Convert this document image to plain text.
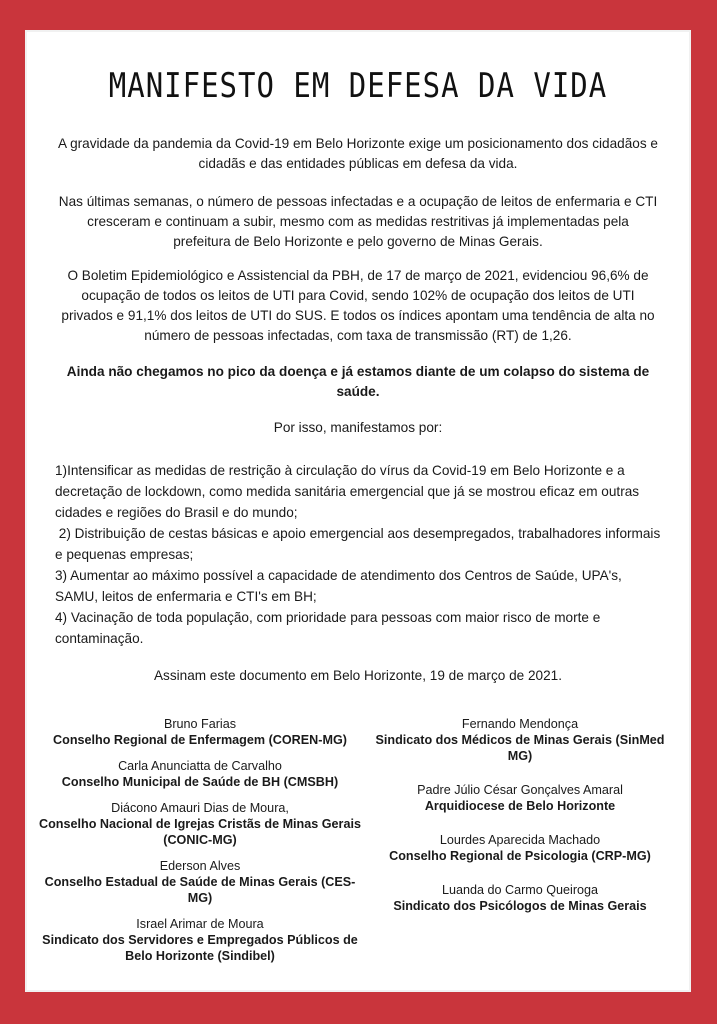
MANIFESTO EM DEFESA DA VIDA

A gravidade da pandemia da Covid-19 em Belo Horizonte exige um posicionamento dos cidadãos e cidadãs e das entidades públicas em defesa da vida.

Nas últimas semanas, o número de pessoas infectadas e a ocupação de leitos de enfermaria e CTI cresceram e continuam a subir, mesmo com as medidas restritivas já implementadas pela prefeitura de Belo Horizonte e pelo governo de Minas Gerais.

O Boletim Epidemiológico e Assistencial da PBH, de 17 de março de 2021, evidenciou 96,6% de ocupação de todos os leitos de UTI para Covid, sendo 102% de ocupação dos leitos de UTI privados e 91,1% dos leitos de UTI do SUS. E todos os índices apontam uma tendência de alta no número de pessoas infectadas, com taxa de transmissão (RT) de 1,26.

Ainda não chegamos no pico da doença e já estamos diante de um colapso do sistema de saúde.

Por isso, manifestamos por:

1)Intensificar as medidas de restrição à circulação do vírus da Covid-19 em Belo Horizonte e a decretação de lockdown, como medida sanitária emergencial que já se mostrou eficaz em outras cidades e regiões do Brasil e do mundo;
2) Distribuição de cestas básicas e apoio emergencial aos desempregados, trabalhadores informais e pequenas empresas;
3) Aumentar ao máximo possível a capacidade de atendimento dos Centros de Saúde, UPA's, SAMU, leitos de enfermaria e CTI's em BH;
4) Vacinação de toda população, com prioridade para pessoas com maior risco de morte e contaminação.

Assinam este documento em Belo Horizonte, 19 de março de 2021.

Bruno Farias
Conselho Regional de Enfermagem (COREN-MG)
Carla Anunciatta de Carvalho
Conselho Municipal de Saúde de BH (CMSBH)
Diácono Amauri Dias de Moura,
Conselho Nacional de Igrejas Cristãs de Minas Gerais (CONIC-MG)
Ederson Alves
Conselho Estadual de Saúde de Minas Gerais (CES-MG)
Israel Arimar de Moura
Sindicato dos Servidores e Empregados Públicos de Belo Horizonte (Sindibel)
Fernando Mendonça
Sindicato dos Médicos de Minas Gerais (SinMed MG)
Padre Júlio César Gonçalves Amaral
Arquidiocese de Belo Horizonte
Lourdes Aparecida Machado
Conselho Regional de Psicologia (CRP-MG)
Luanda do Carmo Queiroga
Sindicato dos Psicólogos de Minas Gerais
